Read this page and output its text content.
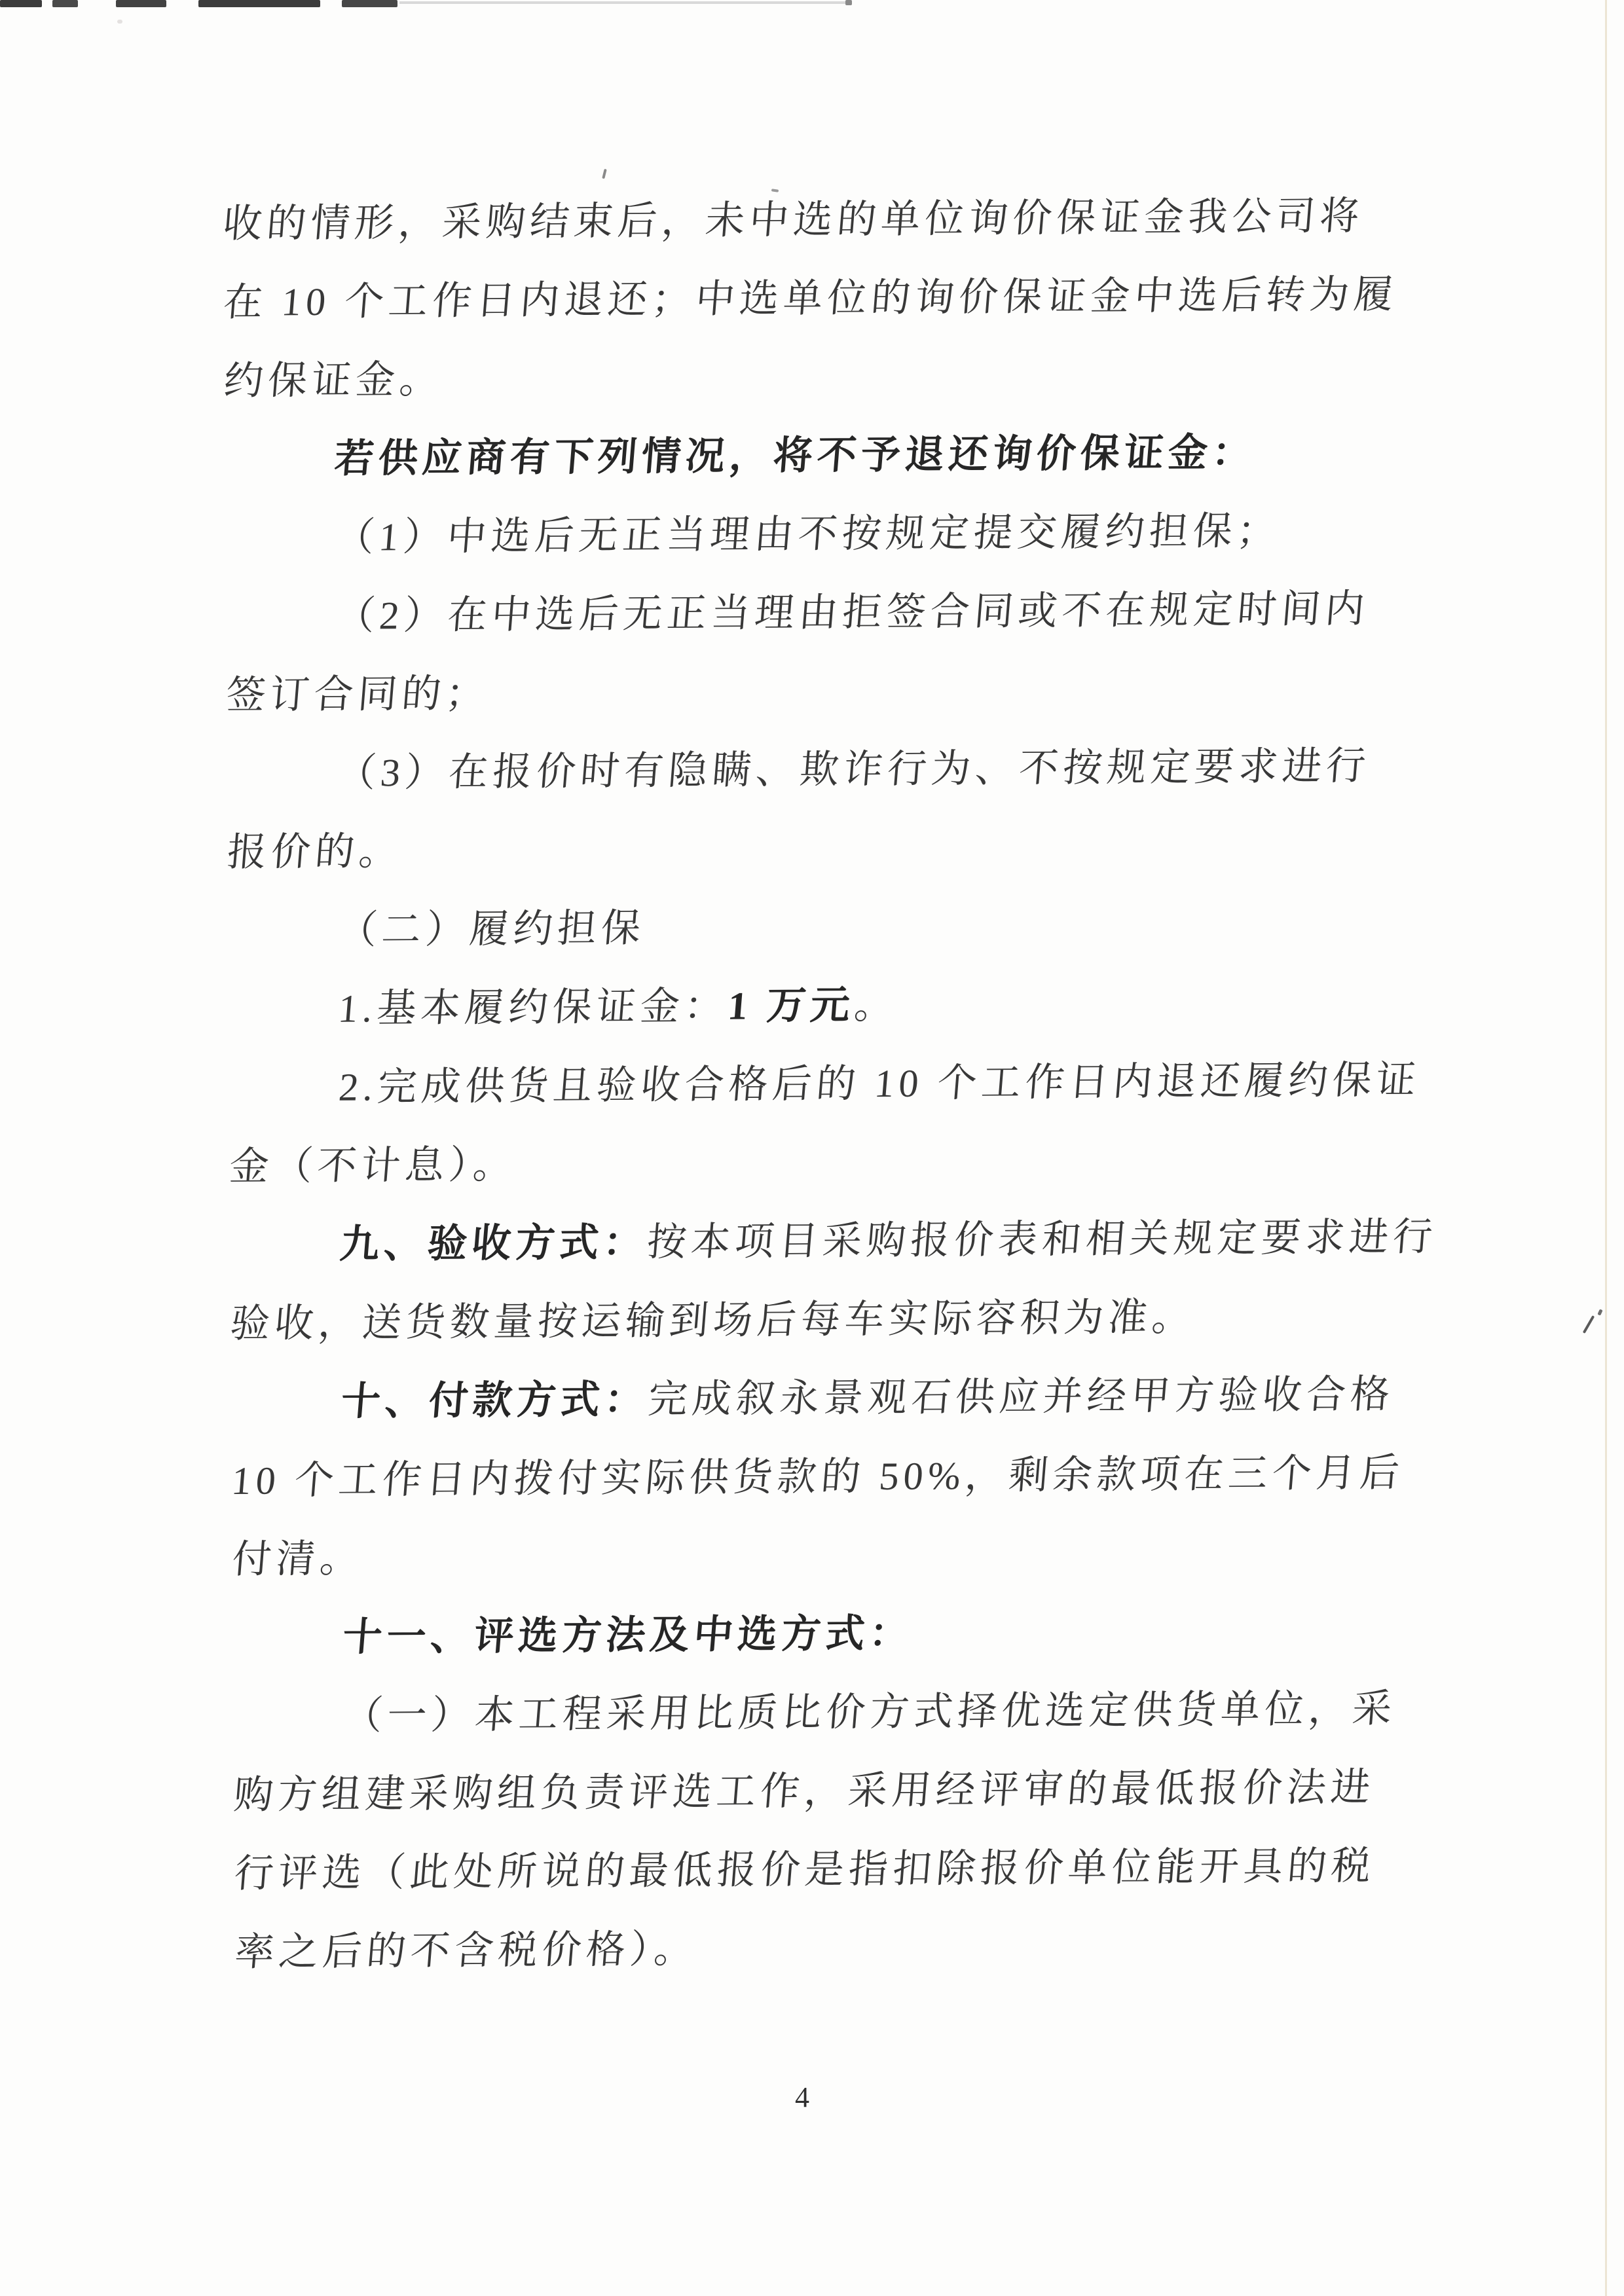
收的情形，采购结束后，未中选的单位询价保证金我公司将

在 10 个工作日内退还；中选单位的询价保证金中选后转为履

约保证金。

若供应商有下列情况，将不予退还询价保证金：

（1）中选后无正当理由不按规定提交履约担保；

（2）在中选后无正当理由拒签合同或不在规定时间内

签订合同的；

（3）在报价时有隐瞒、欺诈行为、不按规定要求进行

报价的。

（二）履约担保

1.基本履约保证金：1 万元。

2.完成供货且验收合格后的 10 个工作日内退还履约保证

金（不计息）。

九、验收方式：按本项目采购报价表和相关规定要求进行

验收，送货数量按运输到场后每车实际容积为准。

十、付款方式：完成叙永景观石供应并经甲方验收合格

10 个工作日内拨付实际供货款的 50%，剩余款项在三个月后

付清。

十一、评选方法及中选方式：

（一）本工程采用比质比价方式择优选定供货单位，采

购方组建采购组负责评选工作，采用经评审的最低报价法进

行评选（此处所说的最低报价是指扣除报价单位能开具的税

率之后的不含税价格）。

4
